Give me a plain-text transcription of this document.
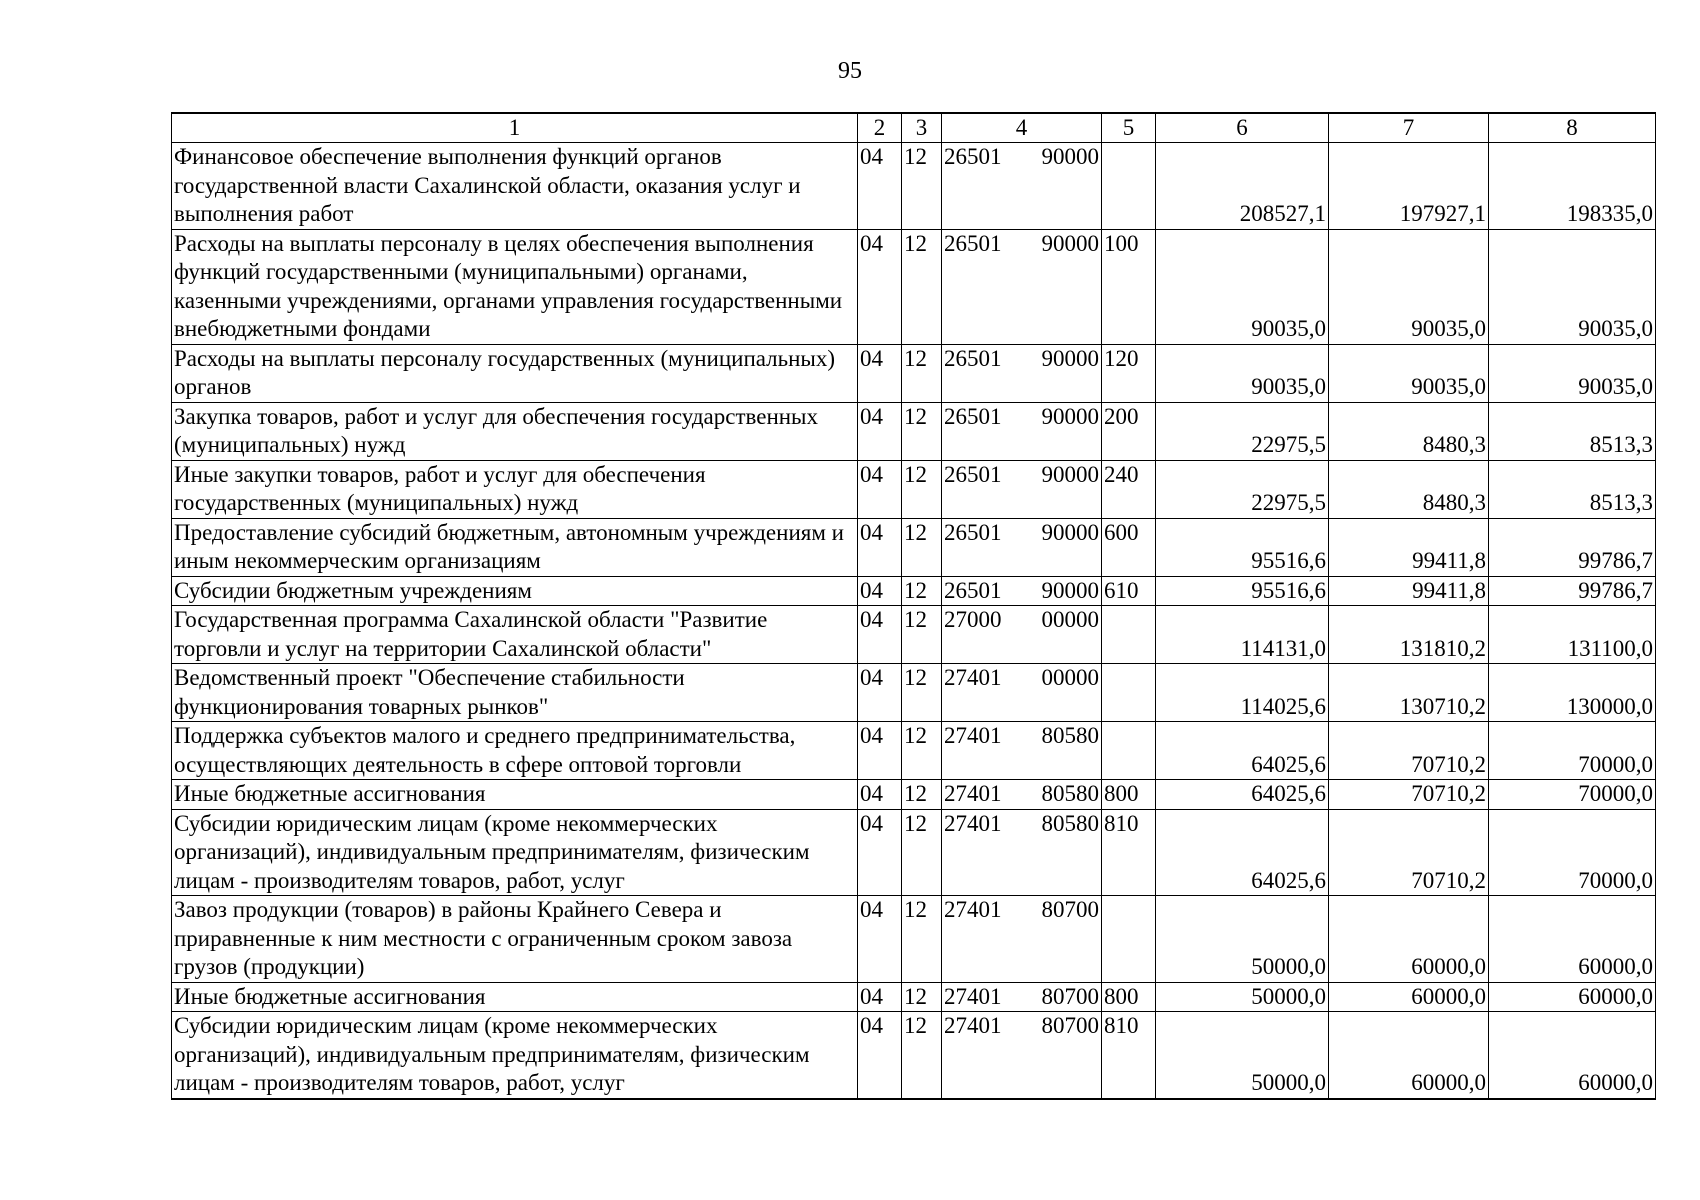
95
1	2	3	4	5	6	7	8
Финансовое обеспечение выполнения функций органов государственной власти Сахалинской области, оказания услуг и выполнения работ	04	12	26501 90000		208527,1	197927,1	198335,0
Расходы на выплаты персоналу в целях обеспечения выполнения функций государственными (муниципальными) органами, казенными учреждениями, органами управления государственными внебюджетными фондами	04	12	26501 90000	100	90035,0	90035,0	90035,0
Расходы на выплаты персоналу государственных (муниципальных) органов	04	12	26501 90000	120	90035,0	90035,0	90035,0
Закупка товаров, работ и услуг для обеспечения государственных (муниципальных) нужд	04	12	26501 90000	200	22975,5	8480,3	8513,3
Иные закупки товаров, работ и услуг для обеспечения государственных (муниципальных) нужд	04	12	26501 90000	240	22975,5	8480,3	8513,3
Предоставление субсидий бюджетным, автономным учреждениям и иным некоммерческим организациям	04	12	26501 90000	600	95516,6	99411,8	99786,7
Субсидии бюджетным учреждениям	04	12	26501 90000	610	95516,6	99411,8	99786,7
Государственная программа Сахалинской области "Развитие торговли и услуг на территории Сахалинской области"	04	12	27000 00000		114131,0	131810,2	131100,0
Ведомственный проект "Обеспечение стабильности функционирования товарных рынков"	04	12	27401 00000		114025,6	130710,2	130000,0
Поддержка субъектов малого и среднего предпринимательства, осуществляющих деятельность в сфере оптовой торговли	04	12	27401 80580		64025,6	70710,2	70000,0
Иные бюджетные ассигнования	04	12	27401 80580	800	64025,6	70710,2	70000,0
Субсидии юридическим лицам (кроме некоммерческих организаций), индивидуальным предпринимателям, физическим лицам - производителям товаров, работ, услуг	04	12	27401 80580	810	64025,6	70710,2	70000,0
Завоз продукции (товаров) в районы Крайнего Севера и приравненные к ним местности с ограниченным сроком завоза грузов (продукции)	04	12	27401 80700		50000,0	60000,0	60000,0
Иные бюджетные ассигнования	04	12	27401 80700	800	50000,0	60000,0	60000,0
Субсидии юридическим лицам (кроме некоммерческих организаций), индивидуальным предпринимателям, физическим лицам - производителям товаров, работ, услуг	04	12	27401 80700	810	50000,0	60000,0	60000,0
